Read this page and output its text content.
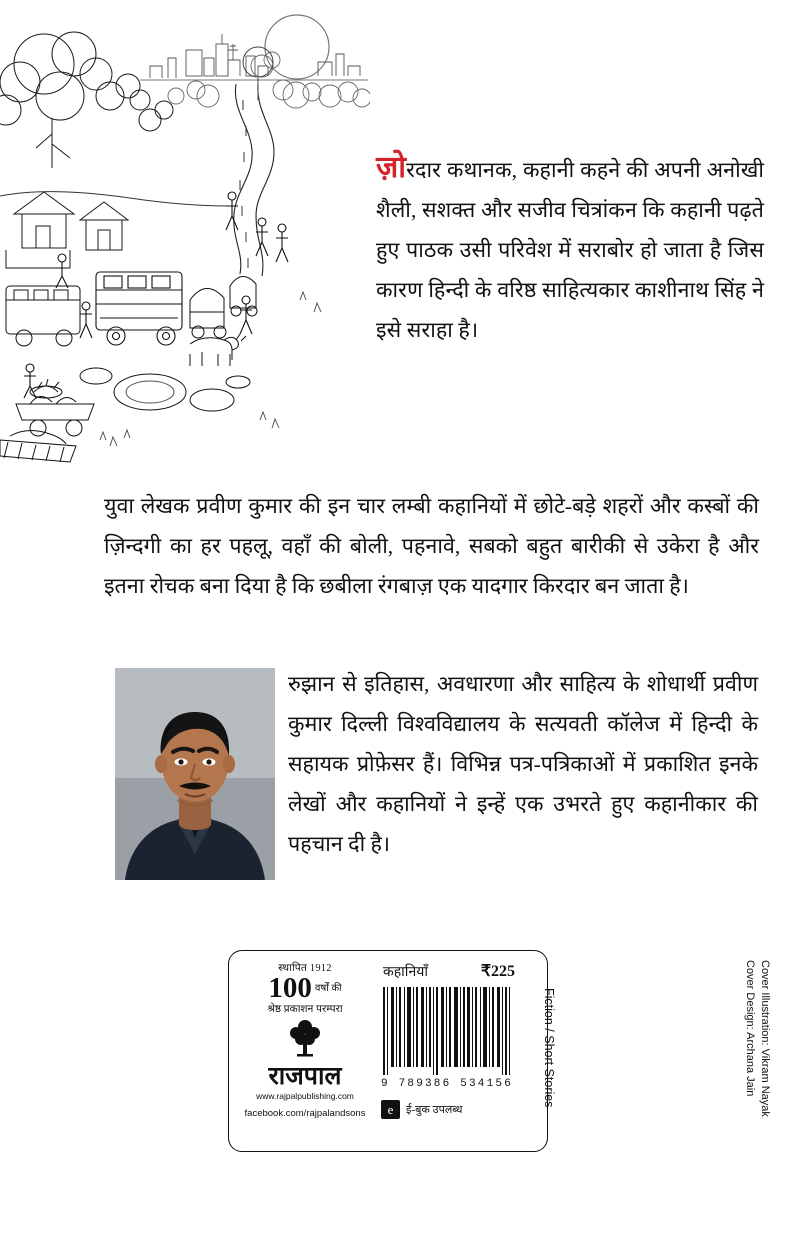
ज़ोरदार कथानक, कहानी कहने की अपनी अनोखी शैली, सशक्त और सजीव चित्रांकन कि कहानी पढ़ते हुए पाठक उसी परिवेश में सराबोर हो जाता है जिस कारण हिन्दी के वरिष्ठ साहित्यकार काशीनाथ सिंह ने इसे सराहा है।
युवा लेखक प्रवीण कुमार की इन चार लम्बी कहानियों में छोटे-बड़े शहरों और कस्बों की ज़िन्दगी का हर पहलू, वहाँ की बोली, पहनावे, सबको बहुत बारीकी से उकेरा है और इतना रोचक बना दिया है कि छबीला रंगबाज़ एक यादगार किरदार बन जाता है।
रुझान से इतिहास, अवधारणा और साहित्य के शोधार्थी प्रवीण कुमार दिल्ली विश्वविद्यालय के सत्यवती कॉलेज में हिन्दी के सहायक प्रोफ़ेसर हैं। विभिन्न पत्र-पत्रिकाओं में प्रकाशित इनके लेखों और कहानियों ने इन्हें एक उभरते हुए कहानीकार की पहचान दी है।
स्थापित 1912
100 वर्षों की
श्रेष्ठ प्रकाशन परम्परा
राजपाल
www.rajpalpublishing.com
facebook.com/rajpalandsons
कहानियाँ	₹225
9 789386 534156
e	ई-बुक उपलब्ध
Fiction / Short Stories	Cover Illustration: Vikram Nayak
Cover Design: Archana Jain
